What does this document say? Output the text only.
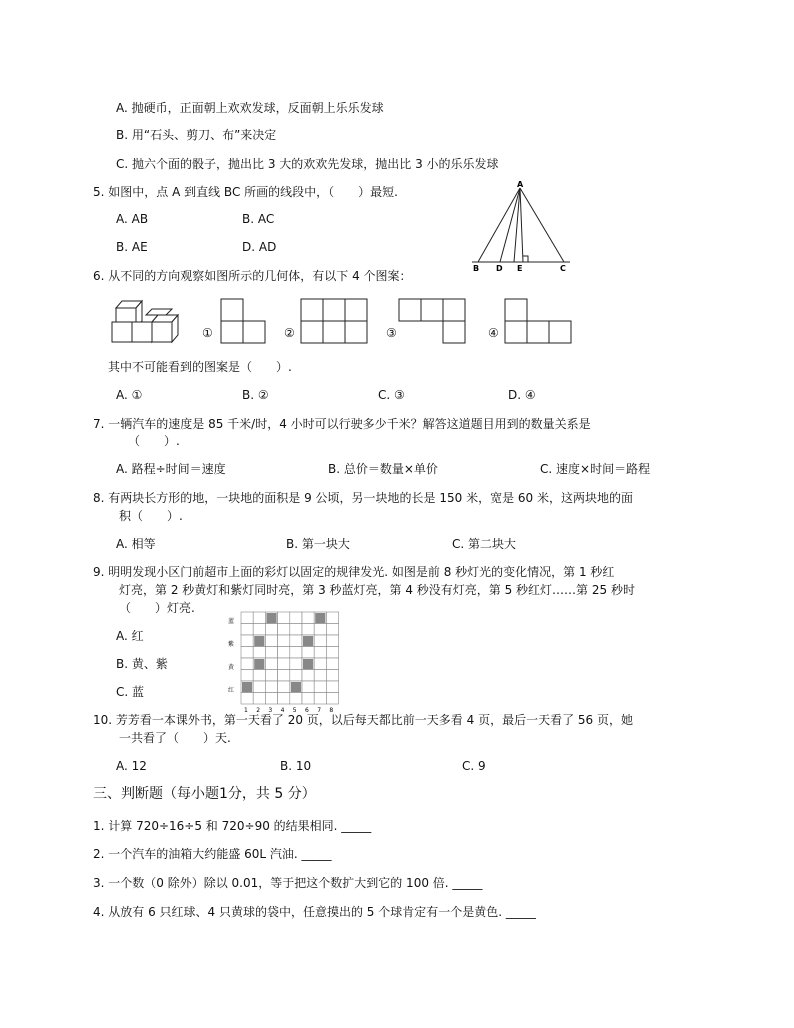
A. 抛硬币，正面朝上欢欢发球，反面朝上乐乐发球
B. 用“石头、剪刀、布”来决定
C. 抛六个面的骰子，抛出比 3 大的欢欢先发球，抛出比 3 小的乐乐发球
5. 如图中，点 A 到直线 BC 所画的线段中，（　　）最短.
A. AB	B. AC
B. AE	D. AD
A
B D E	C
6. 从不同的方向观察如图所示的几何体，有以下 4 个图案：
①	②	③	④
其中不可能看到的图案是（　　）.
A. ①	B. ②	C. ③	D. ④
7. 一辆汽车的速度是 85 千米/时，4 小时可以行驶多少千米？解答这道题目用到的数量关系是
（　　）.
A. 路程÷时间＝速度	B. 总价＝数量×单价	C. 速度×时间＝路程
8. 有两块长方形的地，一块地的面积是 9 公顷，另一块地的长是 150 米，宽是 60 米，这两块地的面
积（　　）.
A. 相等	B. 第一块大	C. 第二块大
9. 明明发现小区门前超市上面的彩灯以固定的规律发光. 如图是前 8 秒灯光的变化情况，第 1 秒红
灯亮，第 2 秒黄灯和紫灯同时亮，第 3 秒蓝灯亮，第 4 秒没有灯亮，第 5 秒红灯……第 25 秒时
（　　）灯亮.
A. 红
B. 黄、紫
C. 蓝
蓝
紫
黄
红
1 2 3 4 5 6 7 8
10. 芳芳看一本课外书，第一天看了 20 页，以后每天都比前一天多看 4 页，最后一天看了 56 页，她
一共看了（　　）天.
A. 12	B. 10	C. 9
三、判断题（每小题1分，共 5 分）
1. 计算 720÷16÷5 和 720÷90 的结果相同. _____
2. 一个汽车的油箱大约能盛 60L 汽油. _____
3. 一个数（0 除外）除以 0.01，等于把这个数扩大到它的 100 倍. _____
4. 从放有 6 只红球、4 只黄球的袋中，任意摸出的 5 个球肯定有一个是黄色. _____
